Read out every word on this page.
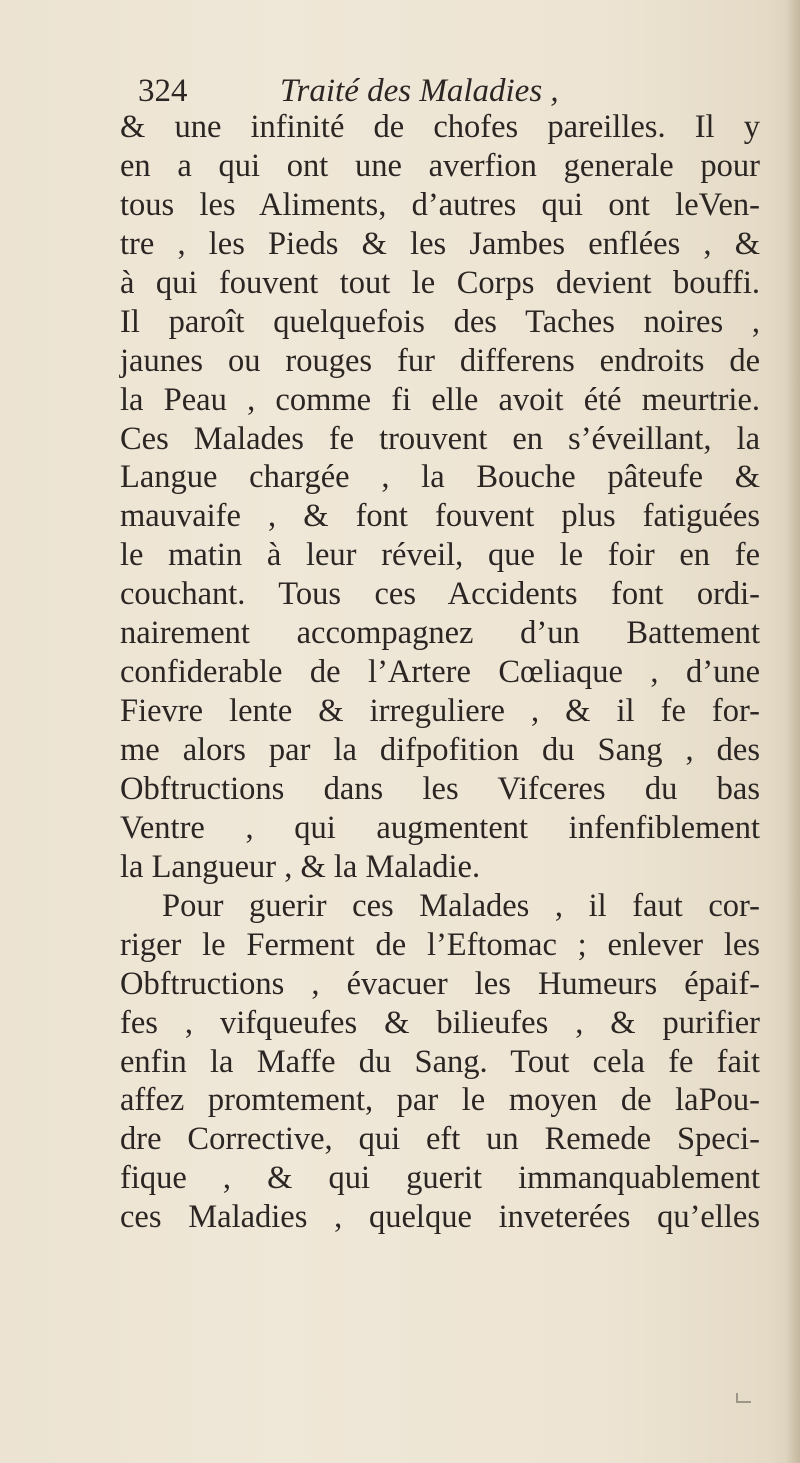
324	Traité des Maladies ,
& une infinité de chofes pareilles. Il y
en a qui ont une averfion generale pour
tous les Aliments, d’autres qui ont leVen-
tre , les Pieds & les Jambes enflées , &
à qui fouvent tout le Corps devient bouffi.
Il paroît quelquefois des Taches noires ,
jaunes ou rouges fur differens endroits de
la Peau , comme fi elle avoit été meurtrie.
Ces Malades fe trouvent en s’éveillant, la
Langue chargée , la Bouche pâteufe &
mauvaife , & font fouvent plus fatiguées
le matin à leur réveil, que le foir en fe
couchant. Tous ces Accidents font ordi-
nairement accompagnez d’un Battement
confiderable de l’Artere Cœliaque , d’une
Fievre lente & irreguliere , & il fe for-
me alors par la difpofition du Sang , des
Obftructions dans les Vifceres du bas
Ventre , qui augmentent infenfiblement
la Langueur , & la Maladie.
Pour guerir ces Malades , il faut cor-
riger le Ferment de l’Eftomac ; enlever les
Obftructions , évacuer les Humeurs épaif-
fes , vifqueufes & bilieufes , & purifier
enfin la Maffe du Sang. Tout cela fe fait
affez promtement, par le moyen de laPou-
dre Corrective, qui eft un Remede Speci-
fique , & qui guerit immanquablement
ces Maladies , quelque inveterées qu’elles
